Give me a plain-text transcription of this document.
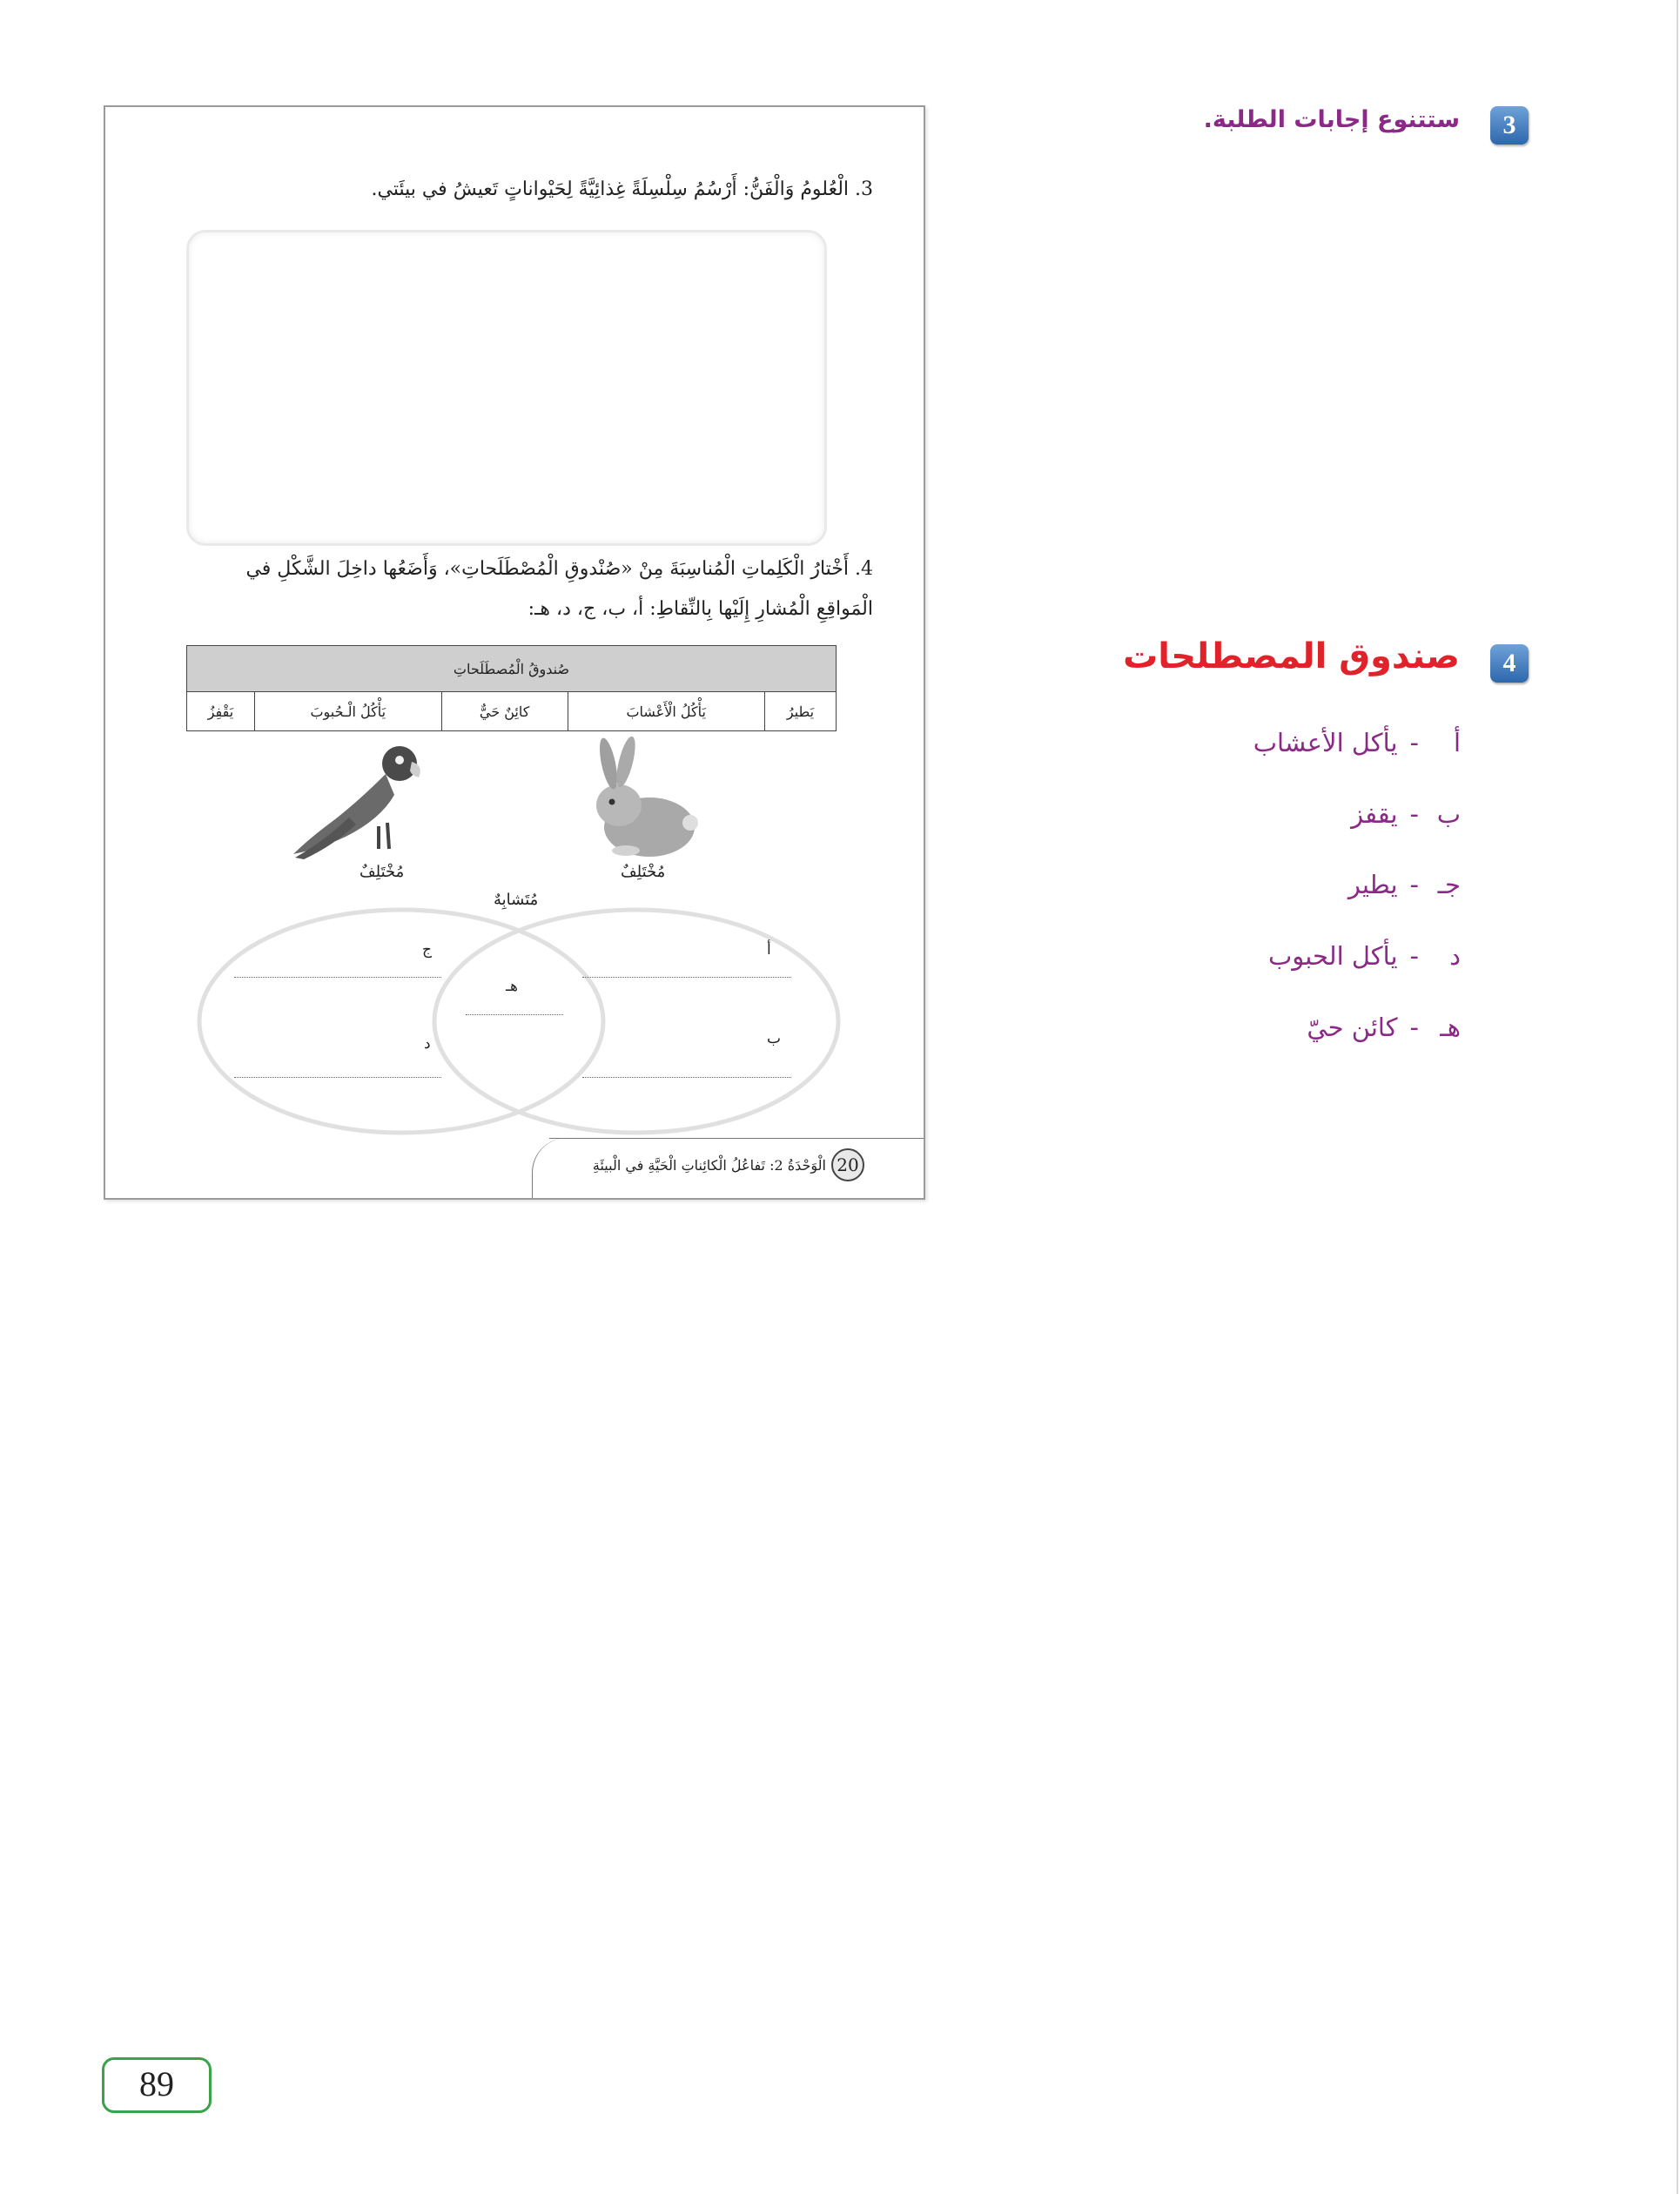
3. الْعُلومُ وَالْفَنُّ: أَرْسُمُ سِلْسِلَةً غِذائِيَّةً لِحَيْواناتٍ تَعيشُ في بيئَتي.
4. أَخْتارُ الْكَلِماتِ الْمُناسِبَةَ مِنْ «صُنْدوقِ الْمُصْطَلَحاتِ»، وَأَضَعُها داخِلَ الشَّكْلِ في
الْمَواقِعِ الْمُشارِ إِلَيْها بِالنِّقاطِ: أ، ب، ج، د، هـ:
صُندوقُ الْمُصطَلَحاتِ
يَطيرُ	يَأْكُلُ الْأَعْشابَ	كائِنٌ حَيٌّ	يَأْكُلُ الْـحُبوبَ	يَقْفِزُ
مُخْتَلِفٌ
مُخْتَلِفٌ
مُتَشابِهٌ
أ
ب
ج
د
هـ
20
الْوَحْدَةُ 2: تَفاعُلُ الْكائِناتِ الْحَيَّةِ في الْبيئَةِ
3
ستتنوع إجابات الطلبة.
4
صندوق المصطلحات
أ-يأكل الأعشاب
ب-يقفز
جـ-يطير
د-يأكل الحبوب
هـ-كائن حيّ
89
